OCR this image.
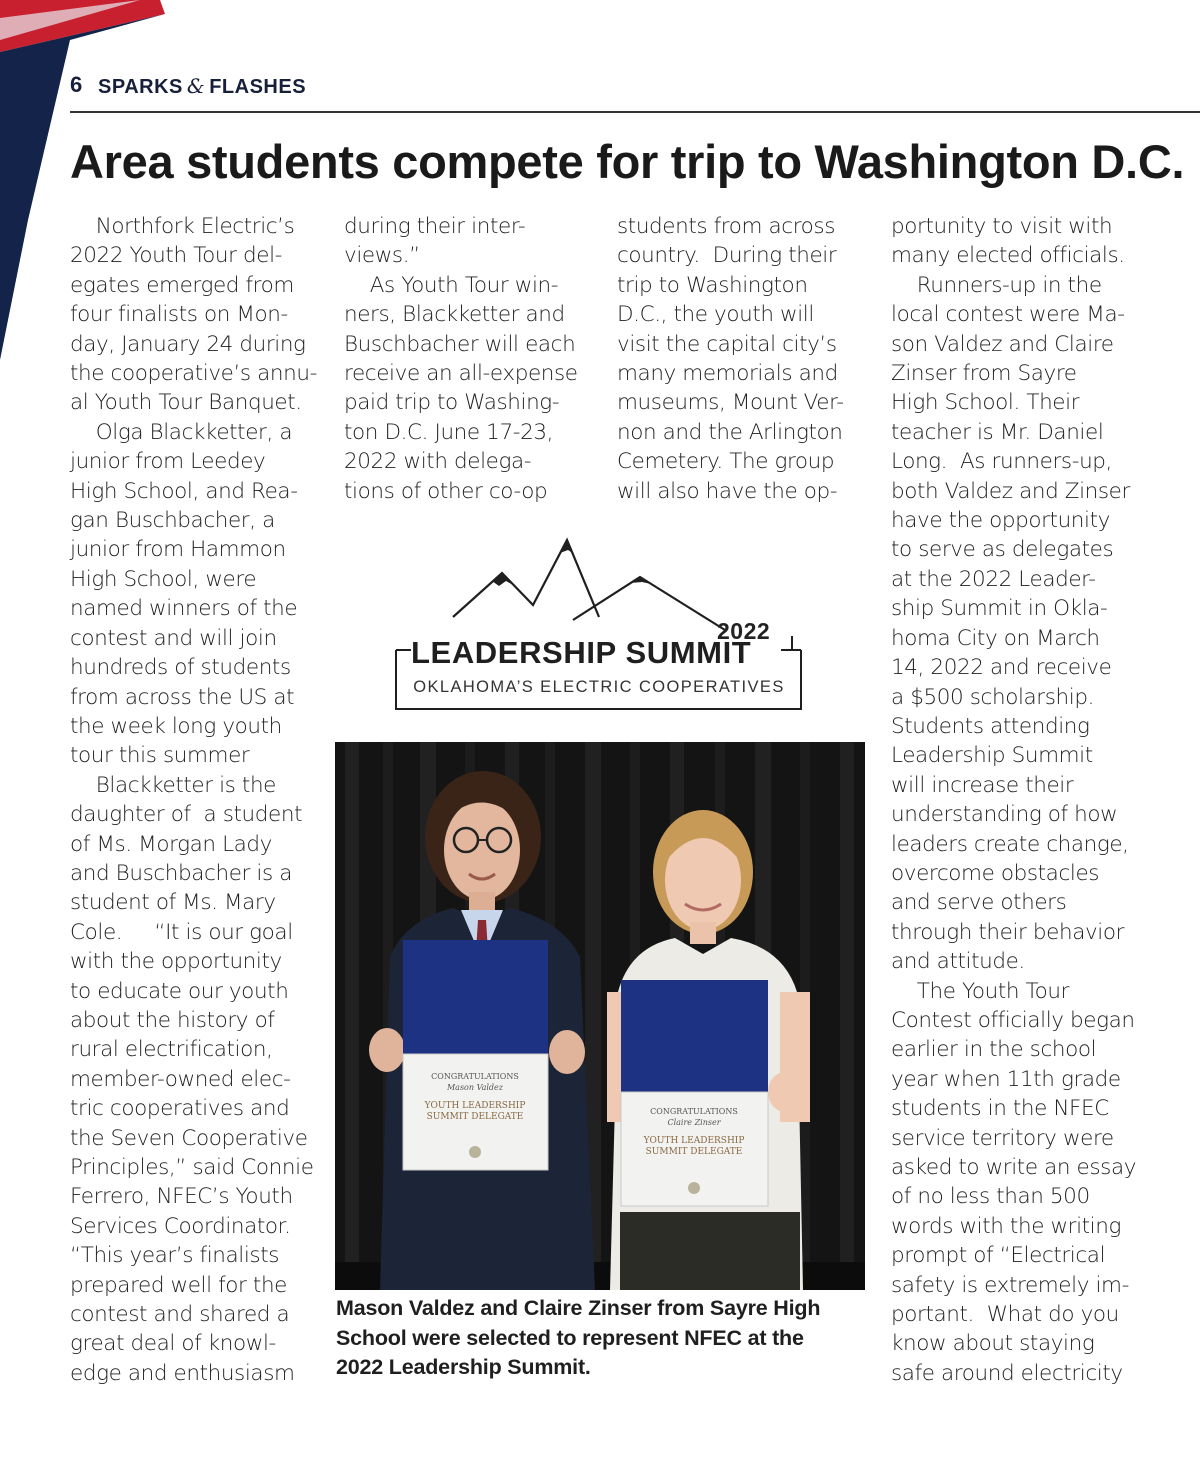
6 SPARKS & FLASHES
Area students compete for trip to Washington D.C.
Northfork Electric’s
2022 Youth Tour del-
egates emerged from
four finalists on Mon-
day, January 24 during
the cooperative’s annu-
al Youth Tour Banquet.
Olga Blackketter, a
junior from Leedey
High School, and Rea-
gan Buschbacher, a
junior from Hammon
High School, were
named winners of the
contest and will join
hundreds of students
from across the US at
the week long youth
tour this summer
Blackketter is the
daughter of  a student
of Ms. Morgan Lady
and Buschbacher is a
student of Ms. Mary
Cole.     “It is our goal
with the opportunity
to educate our youth
about the history of
rural electrification,
member-owned elec-
tric cooperatives and
the Seven Cooperative
Principles,” said Connie
Ferrero, NFEC’s Youth
Services Coordinator.
“This year’s finalists
prepared well for the
contest and shared a
great deal of knowl-
edge and enthusiasm
during their inter-
views.”
As Youth Tour win-
ners, Blackketter and
Buschbacher will each
receive an all-expense
paid trip to Washing-
ton D.C. June 17-23,
2022 with delega-
tions of other co-op
students from across
country.  During their
trip to Washington
D.C., the youth will
visit the capital city’s
many memorials and
museums, Mount Ver-
non and the Arlington
Cemetery. The group
will also have the op-
portunity to visit with
many elected officials.
Runners-up in the
local contest were Ma-
son Valdez and Claire
Zinser from Sayre
High School. Their
teacher is Mr. Daniel
Long.  As runners-up,
both Valdez and Zinser
have the opportunity
to serve as delegates
at the 2022 Leader-
ship Summit in Okla-
homa City on March
14, 2022 and receive
a $500 scholarship.
Students attending
Leadership Summit
will increase their
understanding of how
leaders create change,
overcome obstacles
and serve others
through their behavior
and attitude.
The Youth Tour
Contest officially began
earlier in the school
year when 11th grade
students in the NFEC
service territory were
asked to write an essay
of no less than 500
words with the writing
prompt of “Electrical
safety is extremely im-
portant.  What do you
know about staying
safe around electricity
2022
LEADERSHIP SUMMIT
OKLAHOMA’S ELECTRIC COOPERATIVES
CONGRATULATIONS
Mason Valdez
YOUTH LEADERSHIP
SUMMIT DELEGATE
CONGRATULATIONS
Claire Zinser
YOUTH LEADERSHIP
SUMMIT DELEGATE
Mason Valdez and Claire Zinser from Sayre High
School were selected to represent NFEC at the
2022 Leadership Summit.
